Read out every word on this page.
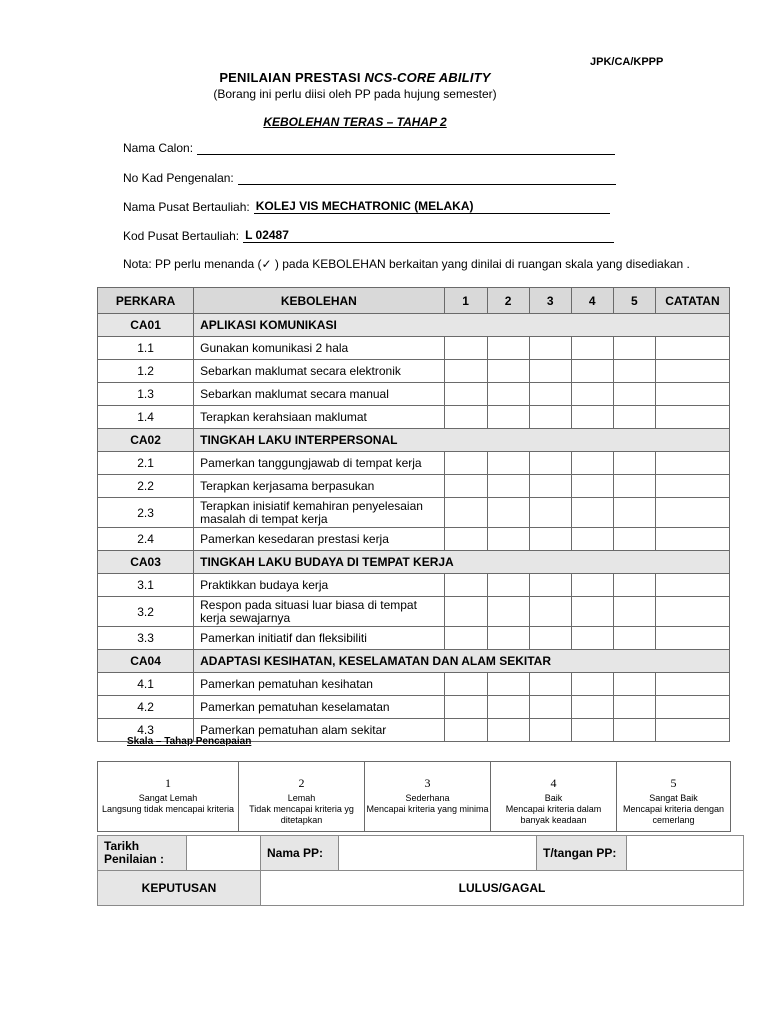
JPK/CA/KPPP
PENILAIAN PRESTASI NCS-CORE ABILITY
(Borang ini perlu diisi oleh PP pada hujung semester)
KEBOLEHAN TERAS – TAHAP 2
Nama Calon:
No Kad Pengenalan:
Nama Pusat Bertauliah: KOLEJ VIS MECHATRONIC (MELAKA)
Kod Pusat Bertauliah: L 02487
Nota: PP perlu menanda (✓ ) pada KEBOLEHAN berkaitan yang dinilai di ruangan skala yang disediakan .
PERKARA	KEBOLEHAN	1	2	3	4	5	CATATAN
CA01	APLIKASI KOMUNIKASI						
1.1	Gunakan komunikasi 2 hala						
1.2	Sebarkan maklumat secara elektronik						
1.3	Sebarkan maklumat secara manual						
1.4	Terapkan kerahsiaan maklumat						
CA02	TINGKAH LAKU INTERPERSONAL						
2.1	Pamerkan tanggungjawab di tempat kerja						
2.2	Terapkan kerjasama berpasukan						
2.3	Terapkan inisiatif kemahiran penyelesaian masalah di tempat kerja						
2.4	Pamerkan kesedaran prestasi kerja						
CA03	TINGKAH LAKU BUDAYA DI TEMPAT KERJA						
3.1	Praktikkan budaya kerja						
3.2	Respon pada situasi luar biasa di tempat kerja sewajarnya						
3.3	Pamerkan initiatif dan fleksibiliti						
CA04	ADAPTASI KESIHATAN, KESELAMATAN DAN ALAM SEKITAR						
4.1	Pamerkan pematuhan kesihatan						
4.2	Pamerkan pematuhan keselamatan						
4.3	Pamerkan pematuhan alam sekitar						
Skala – Tahap Pencapaian
1
Sangat Lemah
Langsung tidak mencapai kriteria

2
Lemah
Tidak mencapai kriteria yg ditetapkan

3
Sederhana
Mencapai kriteria yang minima

4
Baik
Mencapai kriteria dalam banyak keadaan

5
Sangat Baik
Mencapai kriteria dengan cemerlang
Tarikh Penilaian :		Nama PP:		T/tangan PP:	
KEPUTUSAN		LULUS/GAGAL			
